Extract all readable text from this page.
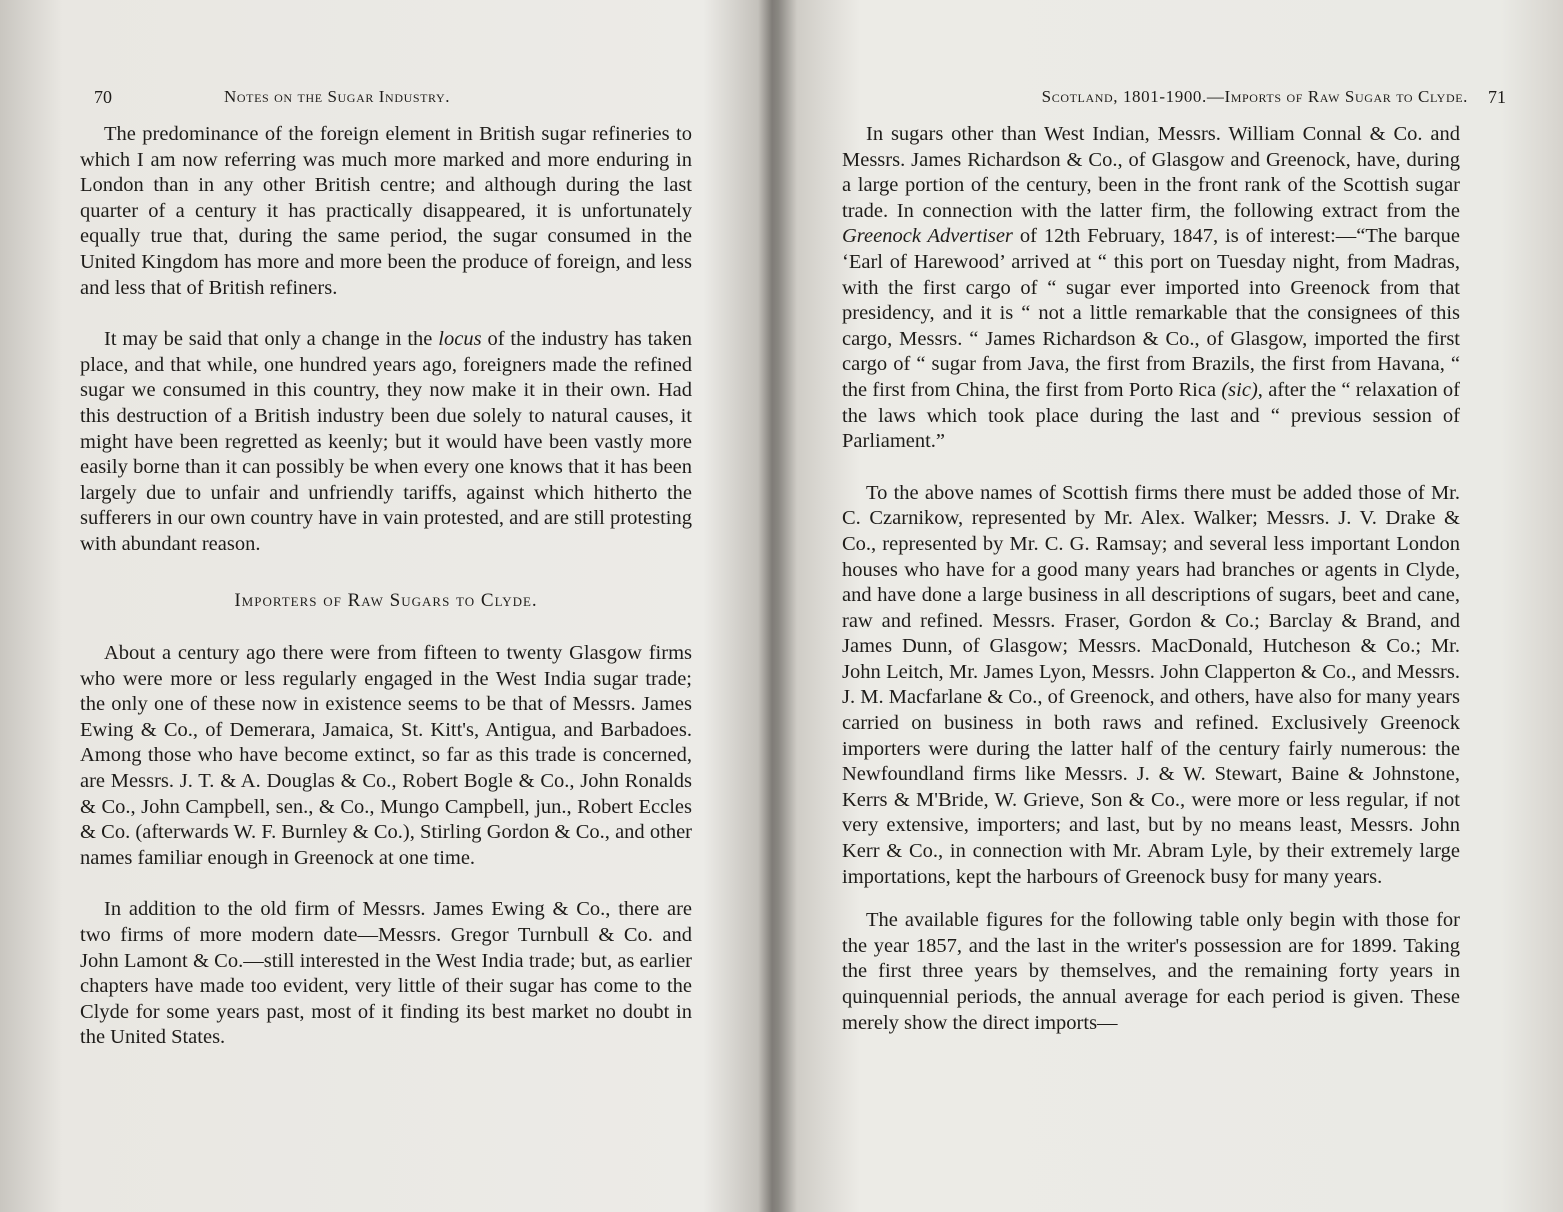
70	Notes on the Sugar Industry.

The predominance of the foreign element in British sugar refineries to which I am now referring was much more marked and more enduring in London than in any other British centre; and although during the last quarter of a century it has practically disappeared, it is unfortunately equally true that, during the same period, the sugar consumed in the United Kingdom has more and more been the produce of foreign, and less and less that of British refiners.

It may be said that only a change in the locus of the industry has taken place, and that while, one hundred years ago, foreigners made the refined sugar we consumed in this country, they now make it in their own. Had this destruction of a British industry been due solely to natural causes, it might have been regretted as keenly; but it would have been vastly more easily borne than it can possibly be when every one knows that it has been largely due to unfair and unfriendly tariffs, against which hitherto the sufferers in our own country have in vain protested, and are still protesting with abundant reason.

Importers of Raw Sugars to Clyde.

About a century ago there were from fifteen to twenty Glasgow firms who were more or less regularly engaged in the West India sugar trade; the only one of these now in existence seems to be that of Messrs. James Ewing & Co., of Demerara, Jamaica, St. Kitt's, Antigua, and Barbadoes. Among those who have become extinct, so far as this trade is concerned, are Messrs. J. T. & A. Douglas & Co., Robert Bogle & Co., John Ronalds & Co., John Campbell, sen., & Co., Mungo Campbell, jun., Robert Eccles & Co. (afterwards W. F. Burnley & Co.), Stirling Gordon & Co., and other names familiar enough in Greenock at one time.

In addition to the old firm of Messrs. James Ewing & Co., there are two firms of more modern date—Messrs. Gregor Turnbull & Co. and John Lamont & Co.—still interested in the West India trade; but, as earlier chapters have made too evident, very little of their sugar has come to the Clyde for some years past, most of it finding its best market no doubt in the United States.

Scotland, 1801-1900.—Imports of Raw Sugar to Clyde. 71

In sugars other than West Indian, Messrs. William Connal & Co. and Messrs. James Richardson & Co., of Glasgow and Greenock, have, during a large portion of the century, been in the front rank of the Scottish sugar trade. In connection with the latter firm, the following extract from the Greenock Advertiser of 12th February, 1847, is of interest:—“The barque ‘Earl of Harewood’ arrived at “ this port on Tuesday night, from Madras, with the first cargo of “ sugar ever imported into Greenock from that presidency, and it is “ not a little remarkable that the consignees of this cargo, Messrs. “ James Richardson & Co., of Glasgow, imported the first cargo of “ sugar from Java, the first from Brazils, the first from Havana, “ the first from China, the first from Porto Rica (sic), after the “ relaxation of the laws which took place during the last and “ previous session of Parliament.”

To the above names of Scottish firms there must be added those of Mr. C. Czarnikow, represented by Mr. Alex. Walker; Messrs. J. V. Drake & Co., represented by Mr. C. G. Ramsay; and several less important London houses who have for a good many years had branches or agents in Clyde, and have done a large business in all descriptions of sugars, beet and cane, raw and refined. Messrs. Fraser, Gordon & Co.; Barclay & Brand, and James Dunn, of Glasgow; Messrs. MacDonald, Hutcheson & Co.; Mr. John Leitch, Mr. James Lyon, Messrs. John Clapperton & Co., and Messrs. J. M. Macfarlane & Co., of Greenock, and others, have also for many years carried on business in both raws and refined. Exclusively Greenock importers were during the latter half of the century fairly numerous: the Newfoundland firms like Messrs. J. & W. Stewart, Baine & Johnstone, Kerrs & M'Bride, W. Grieve, Son & Co., were more or less regular, if not very extensive, importers; and last, but by no means least, Messrs. John Kerr & Co., in connection with Mr. Abram Lyle, by their extremely large importations, kept the harbours of Greenock busy for many years.

The available figures for the following table only begin with those for the year 1857, and the last in the writer's possession are for 1899. Taking the first three years by themselves, and the remaining forty years in quinquennial periods, the annual average for each period is given. These merely show the direct imports—
